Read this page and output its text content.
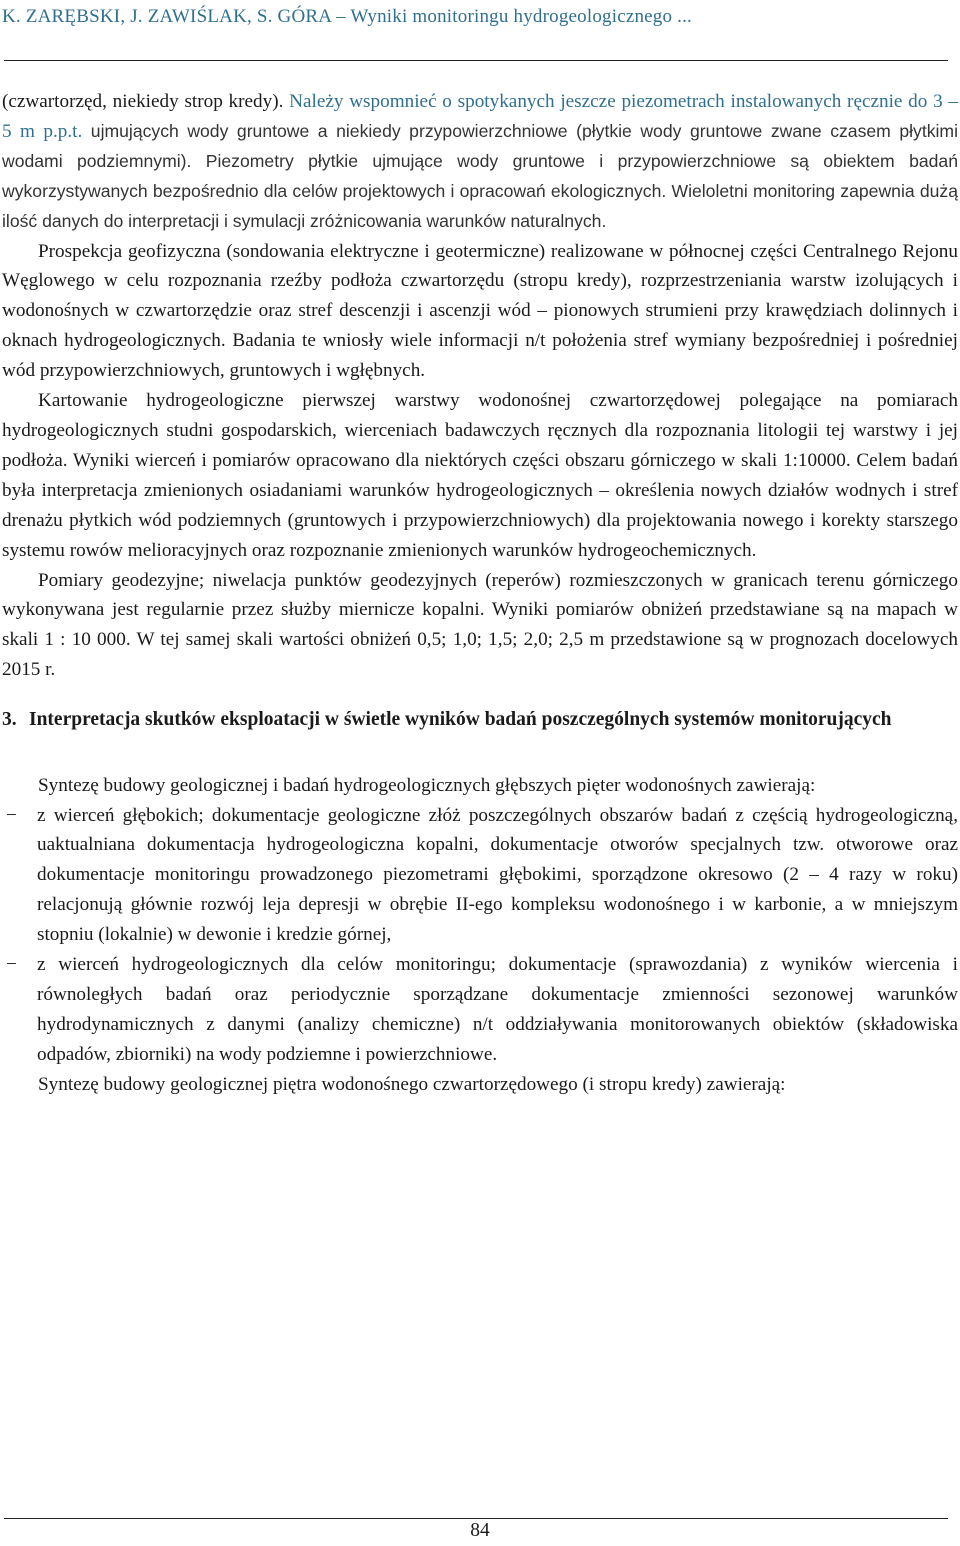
K. ZARĘBSKI, J. ZAWIŚLAK, S. GÓRA – Wyniki monitoringu hydrogeologicznego ...

(czwartorzęd, niekiedy strop kredy). Należy wspomnieć o spotykanych jeszcze piezometrach instalowanych ręcznie do 3 – 5 m p.p.t. ujmujących wody gruntowe a niekiedy przypowierzchniowe (płytkie wody gruntowe zwane czasem płytkimi wodami podziemnymi). Piezometry płytkie ujmujące wody gruntowe i przypowierzchniowe są obiektem badań wykorzystywanych bezpośrednio dla celów projektowych i opracowań ekologicznych. Wieloletni monitoring zapewnia dużą ilość danych do interpretacji i symulacji zróżnicowania warunków naturalnych.

Prospekcja geofizyczna (sondowania elektryczne i geotermiczne) realizowane w północnej części Centralnego Rejonu Węglowego w celu rozpoznania rzeźby podłoża czwartorzędu (stropu kredy), rozprzestrzeniania warstw izolujących i wodonośnych w czwartorzędzie oraz stref descenzji i ascenzji wód – pionowych strumieni przy krawędziach dolinnych i oknach hydrogeologicznych. Badania te wniosły wiele informacji n/t położenia stref wymiany bezpośredniej i pośredniej wód przypowierzchniowych, gruntowych i wgłębnych.

Kartowanie hydrogeologiczne pierwszej warstwy wodonośnej czwartorzędowej polegające na pomiarach hydrogeologicznych studni gospodarskich, wierceniach badawczych ręcznych dla rozpoznania litologii tej warstwy i jej podłoża. Wyniki wierceń i pomiarów opracowano dla niektórych części obszaru górniczego w skali 1:10000. Celem badań była interpretacja zmienionych osiadaniami warunków hydrogeologicznych – określenia nowych działów wodnych i stref drenażu płytkich wód podziemnych (gruntowych i przypowierzchniowych) dla projektowania nowego i korekty starszego systemu rowów melioracyjnych oraz rozpoznanie zmienionych warunków hydrogeochemicznych.

Pomiary geodezyjne; niwelacja punktów geodezyjnych (reperów) rozmieszczonych w granicach terenu górniczego wykonywana jest regularnie przez służby miernicze kopalni. Wyniki pomiarów obniżeń przedstawiane są na mapach w skali 1 : 10 000. W tej samej skali wartości obniżeń 0,5; 1,0; 1,5; 2,0; 2,5 m przedstawione są w prognozach docelowych 2015 r.

3. Interpretacja skutków eksploatacji w świetle wyników badań poszczególnych systemów monitorujących

Syntezę budowy geologicznej i badań hydrogeologicznych głębszych pięter wodonośnych zawierają:

− z wierceń głębokich; dokumentacje geologiczne złóż poszczególnych obszarów badań z częścią hydrogeologiczną, uaktualniana dokumentacja hydrogeologiczna kopalni, dokumentacje otworów specjalnych tzw. otworowe oraz dokumentacje monitoringu prowadzonego piezometrami głębokimi, sporządzone okresowo (2 – 4 razy w roku) relacjonują głównie rozwój leja depresji w obrębie II-ego kompleksu wodonośnego i w karbonie, a w mniejszym stopniu (lokalnie) w dewonie i kredzie górnej,
− z wierceń hydrogeologicznych dla celów monitoringu; dokumentacje (sprawozdania) z wyników wiercenia i równoległych badań oraz periodycznie sporządzane dokumentacje zmienności sezonowej warunków hydrodynamicznych z danymi (analizy chemiczne) n/t oddziaływania monitorowanych obiektów (składowiska odpadów, zbiorniki) na wody podziemne i powierzchniowe.

Syntezę budowy geologicznej piętra wodonośnego czwartorzędowego (i stropu kredy) zawierają:

84
